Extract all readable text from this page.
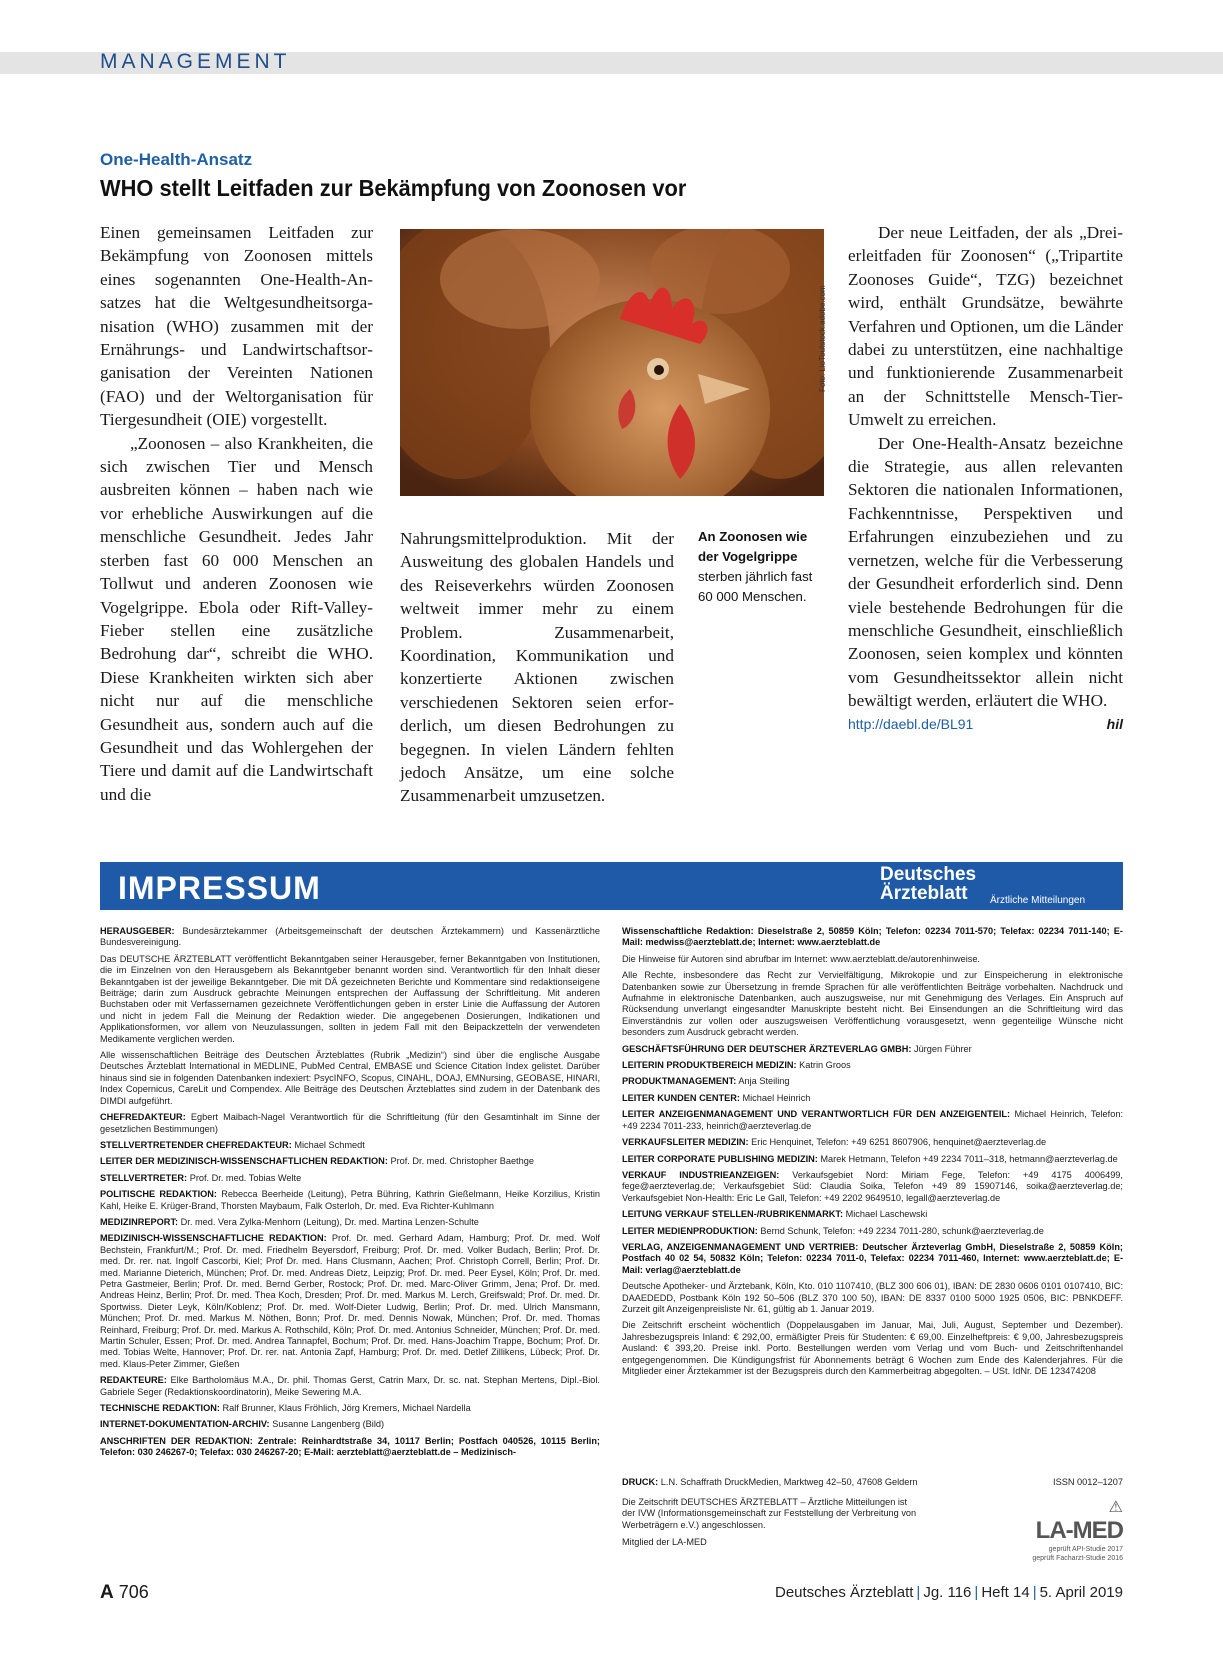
MANAGEMENT
One-Health-Ansatz
WHO stellt Leitfaden zur Bekämpfung von Zoonosen vor

Einen gemeinsamen Leitfaden zur Bekämpfung von Zoonosen mittels eines sogenannten One-Health-Ansatzes hat die Weltgesundheitsorganisation (WHO) zusammen mit der Ernährungs- und Landwirtschaftsorganisation der Vereinten Nationen (FAO) und der Weltorganisation für Tiergesundheit (OIE) vorgestellt.

„Zoonosen – also Krankheiten, die sich zwischen Tier und Mensch ausbreiten können – haben nach wie vor erhebliche Auswirkungen auf die menschliche Gesundheit. Jedes Jahr sterben fast 60 000 Menschen an Tollwut und anderen Zoonosen wie Vogelgrippe. Ebola oder Rift-Valley-Fieber stellen eine zusätzliche Bedrohung dar“, schreibt die WHO. Diese Krankheiten wirkten sich aber nicht nur auf die menschliche Gesundheit aus, sondern auch auf die Gesundheit und das Wohlergehen der Tiere und damit auf die Landwirtschaft und die

Foto: LioToutstock.adobe.com

Nahrungsmittelproduktion. Mit der Ausweitung des globalen Handels und des Reiseverkehrs würden Zoonosen weltweit immer mehr zu einem Problem. Zusammenarbeit, Koordination, Kommunikation und konzertierte Aktionen zwischen verschiedenen Sektoren seien erforderlich, um diesen Bedrohungen zu begegnen. In vielen Ländern fehlten jedoch Ansätze, um eine solche Zusammenarbeit umzusetzen.

An Zoonosen wie der Vogelgrippe
sterben jährlich fast 60 000 Menschen.

Der neue Leitfaden, der als „Dreierleitfaden für Zoonosen“ („Tripartite Zoonoses Guide“, TZG) bezeichnet wird, enthält Grundsätze, bewährte Verfahren und Optionen, um die Länder dabei zu unterstützen, eine nachhaltige und funktionierende Zusammenarbeit an der Schnittstelle Mensch-Tier-Umwelt zu erreichen.

Der One-Health-Ansatz bezeichne die Strategie, aus allen relevanten Sektoren die nationalen Informationen, Fachkenntnisse, Perspektiven und Erfahrungen einzubeziehen und zu vernetzen, welche für die Verbesserung der Gesundheit erforderlich sind. Denn viele bestehende Bedrohungen für die menschliche Gesundheit, einschließlich Zoonosen, seien komplex und könnten vom Gesundheitssektor allein nicht bewältigt werden, erläutert die WHO.
hil

http://daebl.de/BL91
IMPRESSUM	Deutsches
Ärzteblatt	Ärztliche Mitteilungen

HERAUSGEBER: Bundesärztekammer (Arbeitsgemeinschaft der deutschen Ärztekammern) und Kassenärztliche Bundesvereinigung.

Das DEUTSCHE ÄRZTEBLATT veröffentlicht Bekanntgaben seiner Herausgeber, ferner Bekanntgaben von Institutionen, die im Einzelnen von den Herausgebern als Bekanntgeber benannt worden sind. Verantwortlich für den Inhalt dieser Bekanntgaben ist der jeweilige Bekanntgeber. Die mit DÄ gezeichneten Berichte und Kommentare sind redaktionseigene Beiträge; darin zum Ausdruck gebrachte Meinungen entsprechen der Auffassung der Schriftleitung. Mit anderen Buchstaben oder mit Verfassernamen gezeichnete Veröffentlichungen geben in erster Linie die Auffassung der Autoren und nicht in jedem Fall die Meinung der Redaktion wieder. Die angegebenen Dosierungen, Indikationen und Applikationsformen, vor allem von Neuzulassungen, sollten in jedem Fall mit den Beipackzetteln der verwendeten Medikamente verglichen werden.

Alle wissenschaftlichen Beiträge des Deutschen Ärzteblattes (Rubrik „Medizin“) sind über die englische Ausgabe Deutsches Ärzteblatt International in MEDLINE, PubMed Central, EMBASE und Science Citation Index gelistet. Darüber hinaus sind sie in folgenden Datenbanken indexiert: PsycINFO, Scopus, CINAHL, DOAJ, EMNursing, GEOBASE, HINARI, Index Copernicus, CareLit und Compendex. Alle Beiträge des Deutschen Ärzteblattes sind zudem in der Datenbank des DIMDI aufgeführt.

CHEFREDAKTEUR: Egbert Maibach-Nagel Verantwortlich für die Schriftleitung (für den Gesamtinhalt im Sinne der gesetzlichen Bestimmungen)

STELLVERTRETENDER CHEFREDAKTEUR: Michael Schmedt

LEITER DER MEDIZINISCH-WISSENSCHAFTLICHEN REDAKTION: Prof. Dr. med. Christopher Baethge

STELLVERTRETER: Prof. Dr. med. Tobias Welte

POLITISCHE REDAKTION: Rebecca Beerheide (Leitung), Petra Bühring, Kathrin Gießelmann, Heike Korzilius, Kristin Kahl, Heike E. Krüger-Brand, Thorsten Maybaum, Falk Osterloh, Dr. med. Eva Richter-Kuhlmann

MEDIZINREPORT: Dr. med. Vera Zylka-Menhorn (Leitung), Dr. med. Martina Lenzen-Schulte

MEDIZINISCH-WISSENSCHAFTLICHE REDAKTION: Prof. Dr. med. Gerhard Adam, Hamburg; Prof. Dr. med. Wolf Bechstein, Frankfurt/M.; Prof. Dr. med. Friedhelm Beyersdorf, Freiburg; Prof. Dr. med. Volker Budach, Berlin; Prof. Dr. med. Dr. rer. nat. Ingolf Cascorbi, Kiel; Prof Dr. med. Hans Clusmann, Aachen; Prof. Christoph Correll, Berlin; Prof. Dr. med. Marianne Dieterich, München; Prof. Dr. med. Andreas Dietz, Leipzig; Prof. Dr. med. Peer Eysel, Köln; Prof. Dr. med. Petra Gastmeier, Berlin; Prof. Dr. med. Bernd Gerber, Rostock; Prof. Dr. med. Marc-Oliver Grimm, Jena; Prof. Dr. med. Andreas Heinz, Berlin; Prof. Dr. med. Thea Koch, Dresden; Prof. Dr. med. Markus M. Lerch, Greifswald; Prof. Dr. med. Dr. Sportwiss. Dieter Leyk, Köln/Koblenz; Prof. Dr. med. Wolf-Dieter Ludwig, Berlin; Prof. Dr. med. Ulrich Mansmann, München; Prof. Dr. med. Markus M. Nöthen, Bonn; Prof. Dr. med. Dennis Nowak, München; Prof. Dr. med. Thomas Reinhard, Freiburg; Prof. Dr. med. Markus A. Rothschild, Köln; Prof. Dr. med. Antonius Schneider, München; Prof. Dr. med. Martin Schuler, Essen; Prof. Dr. med. Andrea Tannapfel, Bochum; Prof. Dr. med. Hans-Joachim Trappe, Bochum; Prof. Dr. med. Tobias Welte, Hannover; Prof. Dr. rer. nat. Antonia Zapf, Hamburg; Prof. Dr. med. Detlef Zillikens, Lübeck; Prof. Dr. med. Klaus-Peter Zimmer, Gießen

REDAKTEURE: Elke Bartholomäus M.A., Dr. phil. Thomas Gerst, Catrin Marx, Dr. sc. nat. Stephan Mertens, Dipl.-Biol. Gabriele Seger (Redaktionskoordinatorin), Meike Sewering M.A.

TECHNISCHE REDAKTION: Ralf Brunner, Klaus Fröhlich, Jörg Kremers, Michael Nardella

INTERNET-DOKUMENTATION-ARCHIV: Susanne Langenberg (Bild)

ANSCHRIFTEN DER REDAKTION: Zentrale: Reinhardtstraße 34, 10117 Berlin; Postfach 040526, 10115 Berlin; Telefon: 030 246267-0; Telefax: 030 246267-20; E-Mail: aerzteblatt@aerzteblatt.de – Medizinisch-

Wissenschaftliche Redaktion: Dieselstraße 2, 50859 Köln; Telefon: 02234 7011-570; Telefax: 02234 7011-140; E-Mail: medwiss@aerzteblatt.de; Internet: www.aerzteblatt.de

Die Hinweise für Autoren sind abrufbar im Internet: www.aerzteblatt.de/autorenhinweise.

Alle Rechte, insbesondere das Recht zur Vervielfältigung, Mikrokopie und zur Einspeicherung in elektronische Datenbanken sowie zur Übersetzung in fremde Sprachen für alle veröffentlichten Beiträge vorbehalten. Nachdruck und Aufnahme in elektronische Datenbanken, auch auszugsweise, nur mit Genehmigung des Verlages. Ein Anspruch auf Rücksendung unverlangt eingesandter Manuskripte besteht nicht. Bei Einsendungen an die Schriftleitung wird das Einverständnis zur vollen oder auszugsweisen Veröffentlichung vorausgesetzt, wenn gegenteilige Wünsche nicht besonders zum Ausdruck gebracht werden.

GESCHÄFTSFÜHRUNG DER DEUTSCHER ÄRZTEVERLAG GMBH: Jürgen Führer

LEITERIN PRODUKTBEREICH MEDIZIN: Katrin Groos

PRODUKTMANAGEMENT: Anja Steiling

LEITER KUNDEN CENTER: Michael Heinrich

LEITER ANZEIGENMANAGEMENT UND VERANTWORTLICH FÜR DEN ANZEIGENTEIL: Michael Heinrich, Telefon: +49 2234 7011-233, heinrich@aerzteverlag.de

VERKAUFSLEITER MEDIZIN: Eric Henquinet, Telefon: +49 6251 8607906, henquinet@aerzteverlag.de

LEITER CORPORATE PUBLISHING MEDIZIN: Marek Hetmann, Telefon +49 2234 7011–318, hetmann@aerzteverlag.de

VERKAUF INDUSTRIEANZEIGEN: Verkaufsgebiet Nord: Miriam Fege, Telefon: +49 4175 4006499, fege@aerzteverlag.de; Verkaufsgebiet Süd: Claudia Soika, Telefon +49 89 15907146, soika@aerzteverlag.de; Verkaufsgebiet Non-Health: Eric Le Gall, Telefon: +49 2202 9649510, legall@aerzteverlag.de

LEITUNG VERKAUF STELLEN-/RUBRIKENMARKT: Michael Laschewski

LEITER MEDIENPRODUKTION: Bernd Schunk, Telefon: +49 2234 7011-280, schunk@aerzteverlag.de

VERLAG, ANZEIGENMANAGEMENT UND VERTRIEB: Deutscher Ärzteverlag GmbH, Dieselstraße 2, 50859 Köln; Postfach 40 02 54, 50832 Köln; Telefon: 02234 7011-0, Telefax: 02234 7011-460, Internet: www.aerzteblatt.de; E-Mail: verlag@aerzteblatt.de

Deutsche Apotheker- und Ärztebank, Köln, Kto. 010 1107410, (BLZ 300 606 01), IBAN: DE 2830 0606 0101 0107410, BIC: DAAEDEDD, Postbank Köln 192 50–506 (BLZ 370 100 50), IBAN: DE 8337 0100 5000 1925 0506, BIC: PBNKDEFF. Zurzeit gilt Anzeigenpreisliste Nr. 61, gültig ab 1. Januar 2019.

Die Zeitschrift erscheint wöchentlich (Doppelausgaben im Januar, Mai, Juli, August, September und Dezember). Jahresbezugspreis Inland: € 292,00, ermäßigter Preis für Studenten: € 69,00. Einzelheftpreis: € 9,00, Jahresbezugspreis Ausland: € 393,20. Preise inkl. Porto. Bestellungen werden vom Verlag und vom Buch- und Zeitschriftenhandel entgegengenommen. Die Kündigungsfrist für Abonnements beträgt 6 Wochen zum Ende des Kalenderjahres. Für die Mitglieder einer Ärztekammer ist der Bezugspreis durch den Kammerbeitrag abgegolten. – USt. IdNr. DE 123474208

ISSN 0012–1207
DRUCK: L.N. Schaffrath DruckMedien, Marktweg 42–50, 47608 Geldern

Die Zeitschrift DEUTSCHES ÄRZTEBLATT – Ärztliche Mitteilungen ist der IVW (Informationsgemeinschaft zur Feststellung der Verbreitung von Werbeträgern e.V.) angeschlossen.

Mitglied der LA-MED

⚠
LA-MED
geprüft API-Studie 2017
geprüft Facharzt-Studie 2016
A 706	Deutsches Ärzteblatt | Jg. 116 | Heft 14 | 5. April 2019
